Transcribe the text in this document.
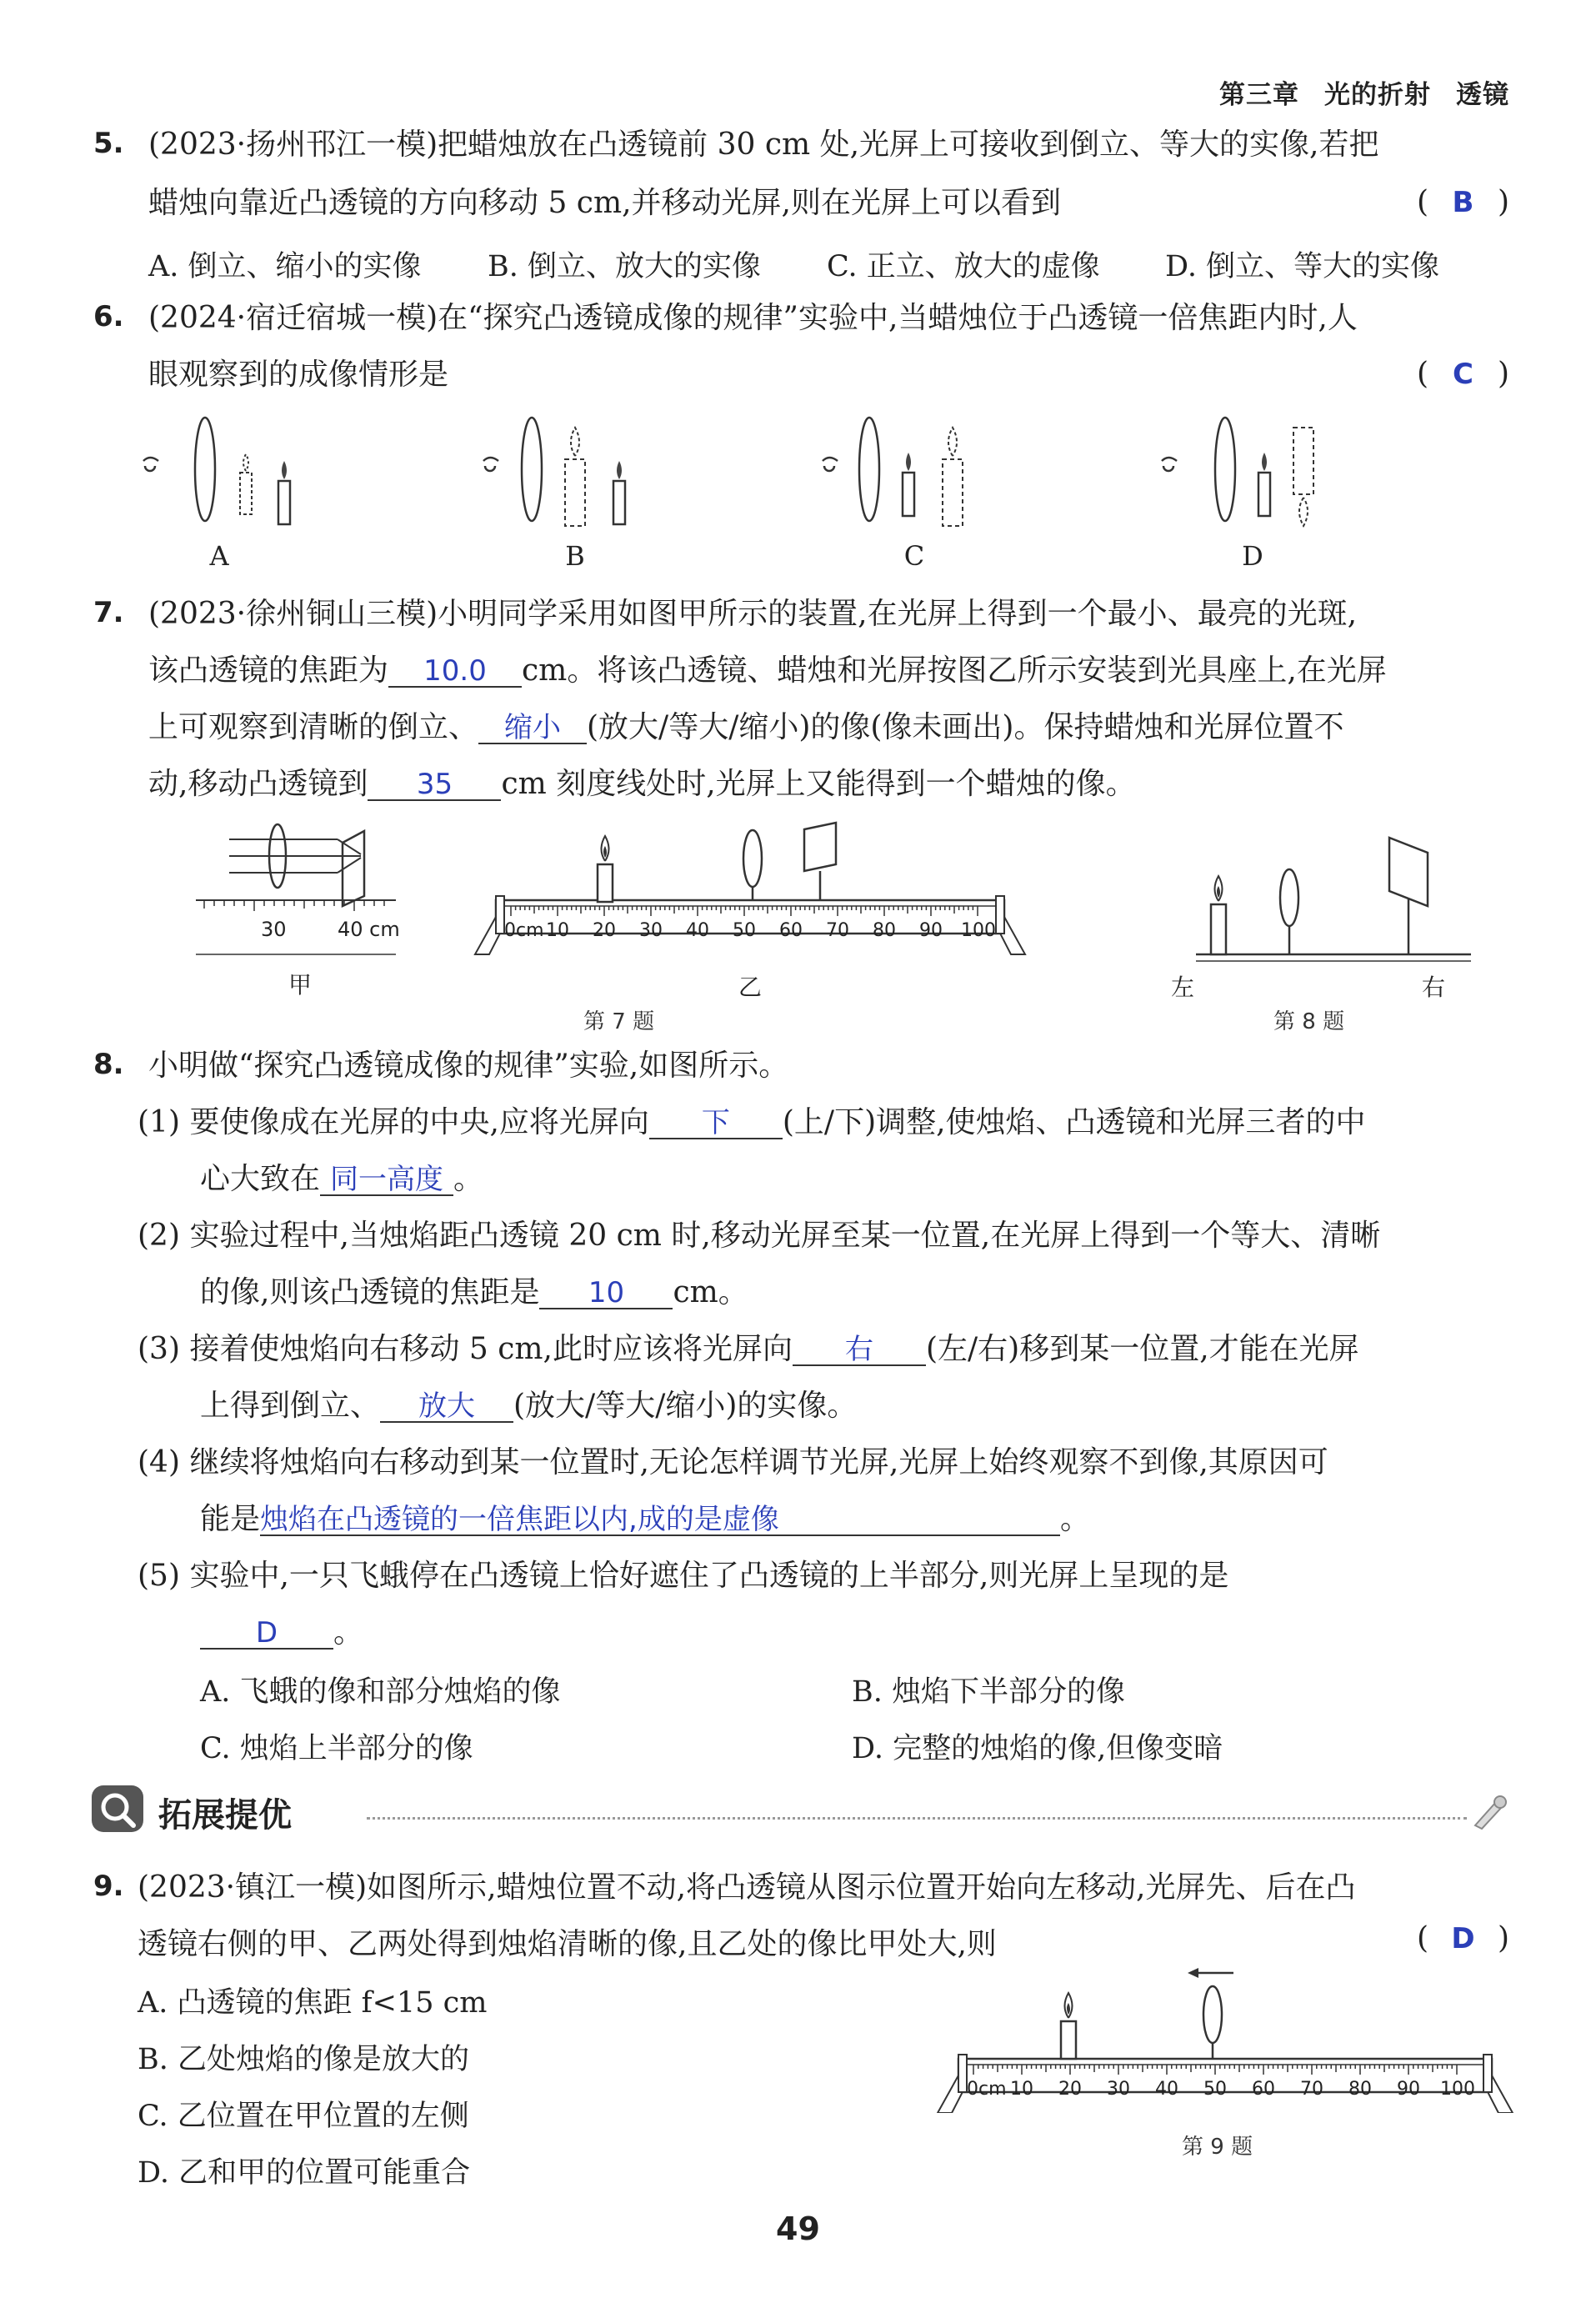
第三章 光的折射 透镜
5. (2023·扬州邗江一模)把蜡烛放在凸透镜前 30 cm 处,光屏上可接收到倒立、等大的实像,若把
蜡烛向靠近凸透镜的方向移动 5 cm,并移动光屏,则在光屏上可以看到	( B )
A. 倒立、缩小的实像 B. 倒立、放大的实像 C. 正立、放大的虚像 D. 倒立、等大的实像
6. (2024·宿迁宿城一模)在“探究凸透镜成像的规律”实验中,当蜡烛位于凸透镜一倍焦距内时,人
眼观察到的成像情形是	( C )
A	B	C	D
7. (2023·徐州铜山三模)小明同学采用如图甲所示的装置,在光屏上得到一个最小、最亮的光斑,
该凸透镜的焦距为 10.0 cm。将该凸透镜、蜡烛和光屏按图乙所示安装到光具座上,在光屏
上可观察到清晰的倒立、 缩小 (放大/等大/缩小)的像(像未画出)。保持蜡烛和光屏位置不
动,移动凸透镜到 35 cm 刻度线处时,光屏上又能得到一个蜡烛的像。
30	40 cm	0cm 10 20 30 40 50 60 70 80 90 100
甲	乙
第 7 题
左	右
第 8 题
8. 小明做“探究凸透镜成像的规律”实验,如图所示。
(1) 要使像成在光屏的中央,应将光屏向 下 (上/下)调整,使烛焰、凸透镜和光屏三者的中
心大致在 同一高度 。
(2) 实验过程中,当烛焰距凸透镜 20 cm 时,移动光屏至某一位置,在光屏上得到一个等大、清晰
的像,则该凸透镜的焦距是 10 cm。
(3) 接着使烛焰向右移动 5 cm,此时应该将光屏向 右 (左/右)移到某一位置,才能在光屏
上得到倒立、 放大 (放大/等大/缩小)的实像。
(4) 继续将烛焰向右移动到某一位置时,无论怎样调节光屏,光屏上始终观察不到像,其原因可
能是烛焰在凸透镜的一倍焦距以内,成的是虚像	。
(5) 实验中,一只飞蛾停在凸透镜上恰好遮住了凸透镜的上半部分,则光屏上呈现的是
D 。
A. 飞蛾的像和部分烛焰的像	B. 烛焰下半部分的像
C. 烛焰上半部分的像	D. 完整的烛焰的像,但像变暗
拓展提优
9. (2023·镇江一模)如图所示,蜡烛位置不动,将凸透镜从图示位置开始向左移动,光屏先、后在凸
透镜右侧的甲、乙两处得到烛焰清晰的像,且乙处的像比甲处大,则	( D )
A. 凸透镜的焦距 f<15 cm
B. 乙处烛焰的像是放大的
C. 乙位置在甲位置的左侧
D. 乙和甲的位置可能重合
0cm 10 20 30 40 50 60 70 80 90 100
第 9 题
49
